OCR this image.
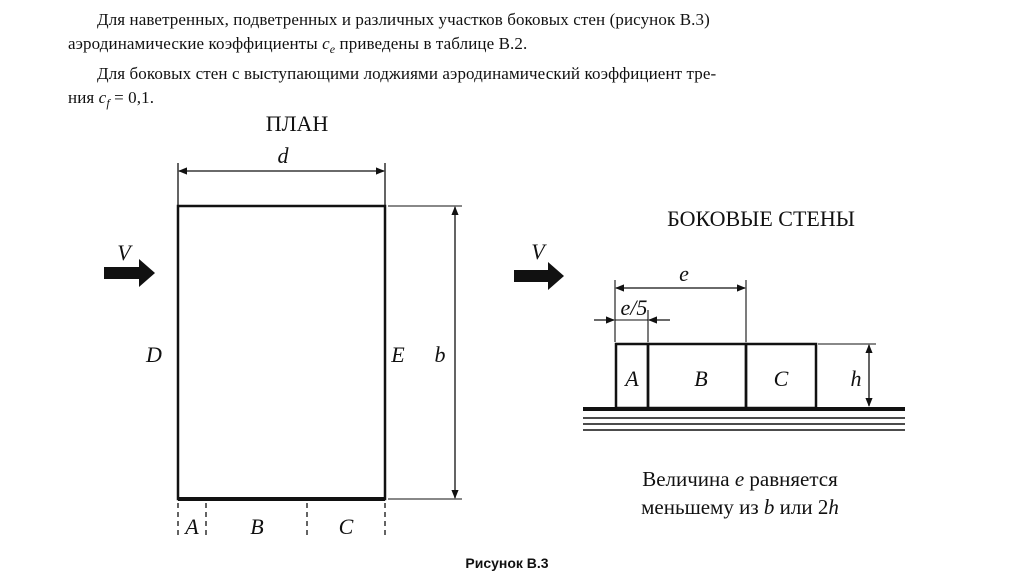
Для наветренных, подветренных и различных участков боковых стен (рисунок В.3)
аэродинамические коэффициенты $c_e$ приведены в таблице В.2.
Для боковых стен с выступающими лоджиями аэродинамический коэффициент тре-
ния $c_f = 0,1$.
ПЛАН
d
b
D	E
V
A B	C
БОКОВЫЕ СТЕНЫ
V
e
e/5
A	B	C	h
Величина e равняется
меньшему из b или 2h
Рисунок В.3
